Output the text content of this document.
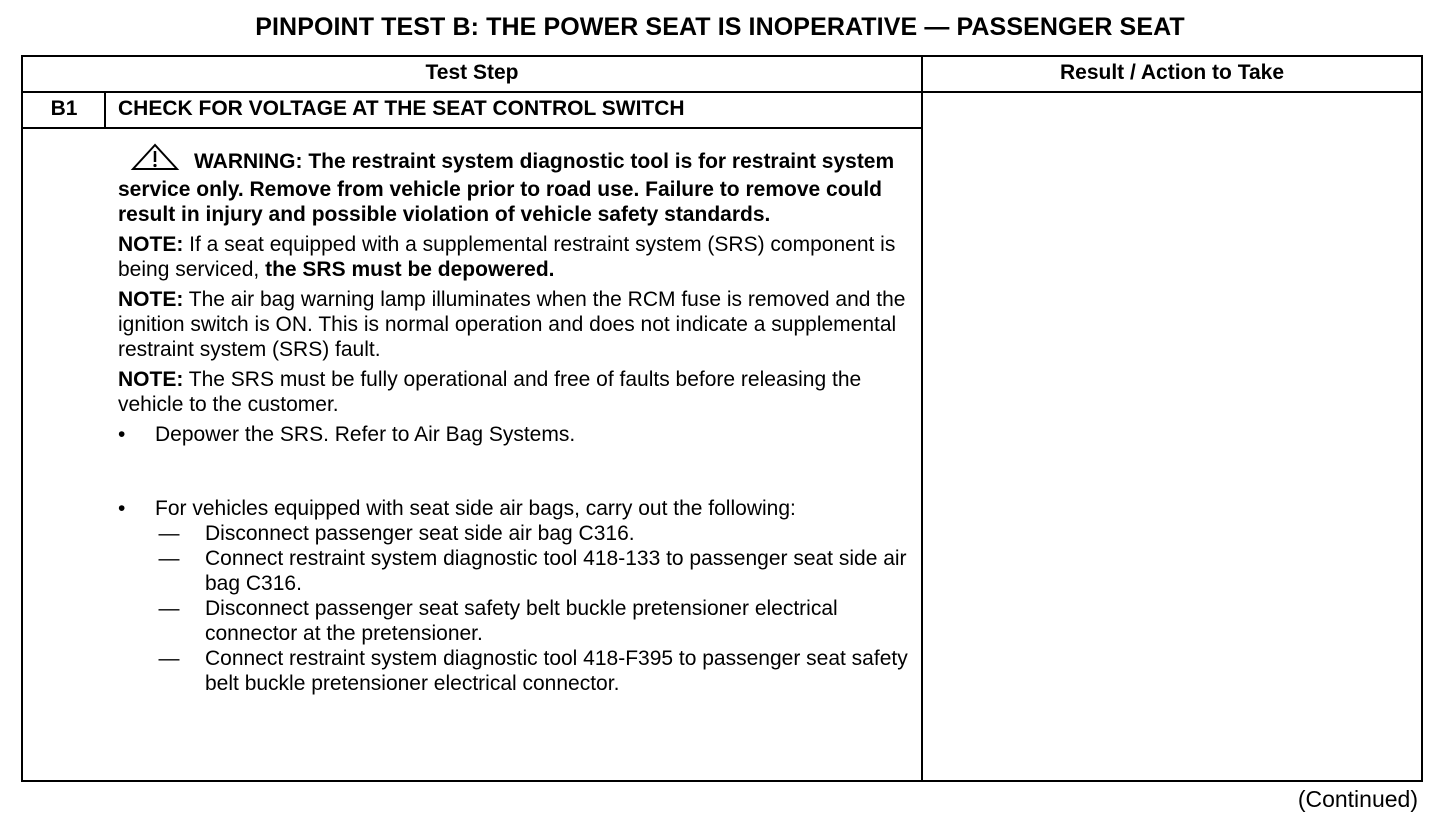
PINPOINT TEST B: THE POWER SEAT IS INOPERATIVE — PASSENGER SEAT
Test Step	Result / Action to Take
B1	CHECK FOR VOLTAGE AT THE SEAT CONTROL SWITCH
WARNING: The restraint system diagnostic tool is for restraint system service only. Remove from vehicle prior to road use. Failure to remove could result in injury and possible violation of vehicle safety standards.
NOTE: If a seat equipped with a supplemental restraint system (SRS) component is being serviced, the SRS must be depowered.
NOTE: The air bag warning lamp illuminates when the RCM fuse is removed and the ignition switch is ON. This is normal operation and does not indicate a supplemental restraint system (SRS) fault.
NOTE: The SRS must be fully operational and free of faults before releasing the vehicle to the customer.
• Depower the SRS. Refer to Air Bag Systems.
• For vehicles equipped with seat side air bags, carry out the following:
— Disconnect passenger seat side air bag C316.
— Connect restraint system diagnostic tool 418-133 to passenger seat side air bag C316.
— Disconnect passenger seat safety belt buckle pretensioner electrical connector at the pretensioner.
— Connect restraint system diagnostic tool 418-F395 to passenger seat safety belt buckle pretensioner electrical connector.
(Continued)
